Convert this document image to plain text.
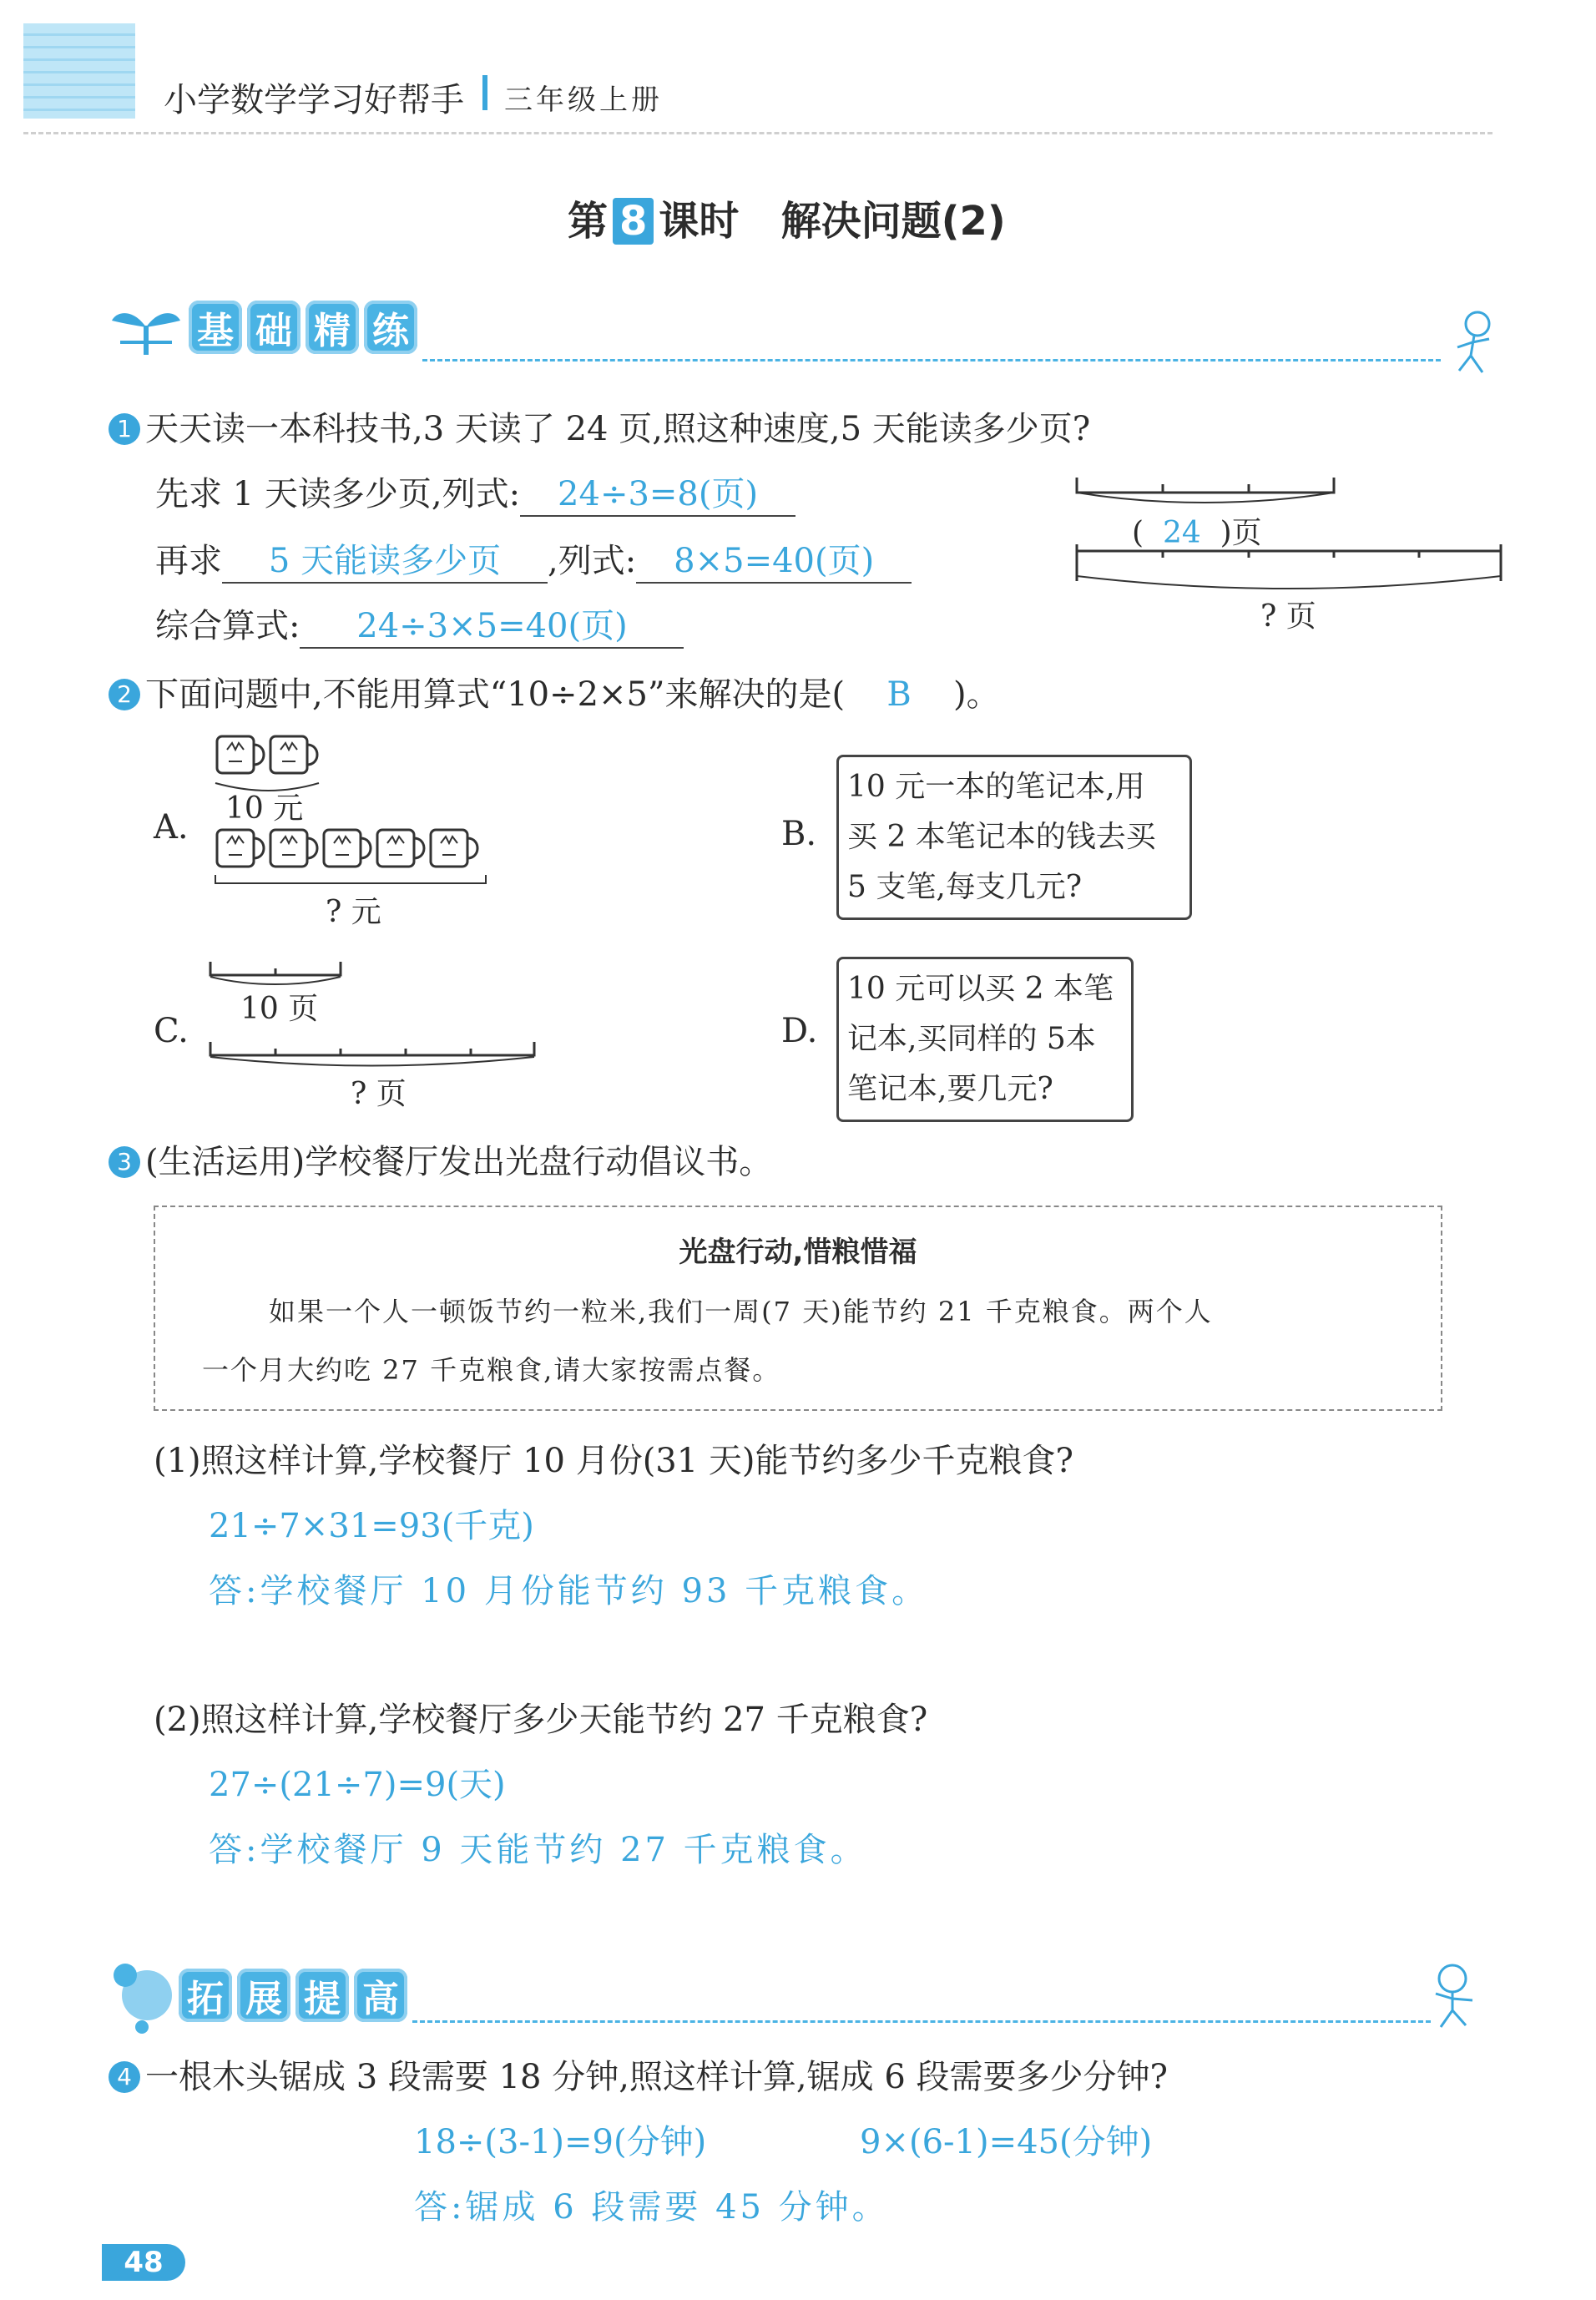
小学数学学习好帮手 三年级上册
第 8 课时 解决问题(2)
基 础 精 练
1 天天读一本科技书,3 天读了 24 页,照这种速度,5 天能读多少页?
先求 1 天读多少页,列式: 24÷3=8(页)
再求 5 天能读多少页 ,列式: 8×5=40(页)
综合算式: 24÷3×5=40(页)
( 24 )页
? 页
2 下面问题中,不能用算式“10÷2×5”来解决的是( B )。
A. 10 元
? 元
B.
10 元一本的笔记本,用
买 2 本笔记本的钱去买
5 支笔,每支几元?
C.
10 页
? 页
D.
10 元可以买 2 本笔
记本,买同样的 5本
笔记本,要几元?
3 (生活运用)学校餐厅发出光盘行动倡议书。
光盘行动,惜粮惜福
如果一个人一顿饭节约一粒米,我们一周(7 天)能节约 21 千克粮食。两个人
一个月大约吃 27 千克粮食,请大家按需点餐。
(1)照这样计算,学校餐厅 10 月份(31 天)能节约多少千克粮食?
21÷7×31=93(千克)
答:学校餐厅 10 月份能节约 93 千克粮食。
(2)照这样计算,学校餐厅多少天能节约 27 千克粮食?
27÷(21÷7)=9(天)
答:学校餐厅 9 天能节约 27 千克粮食。
拓 展 提 高
4 一根木头锯成 3 段需要 18 分钟,照这样计算,锯成 6 段需要多少分钟?
18÷(3-1)=9(分钟)	9×(6-1)=45(分钟)
答:锯成 6 段需要 45 分钟。
48
